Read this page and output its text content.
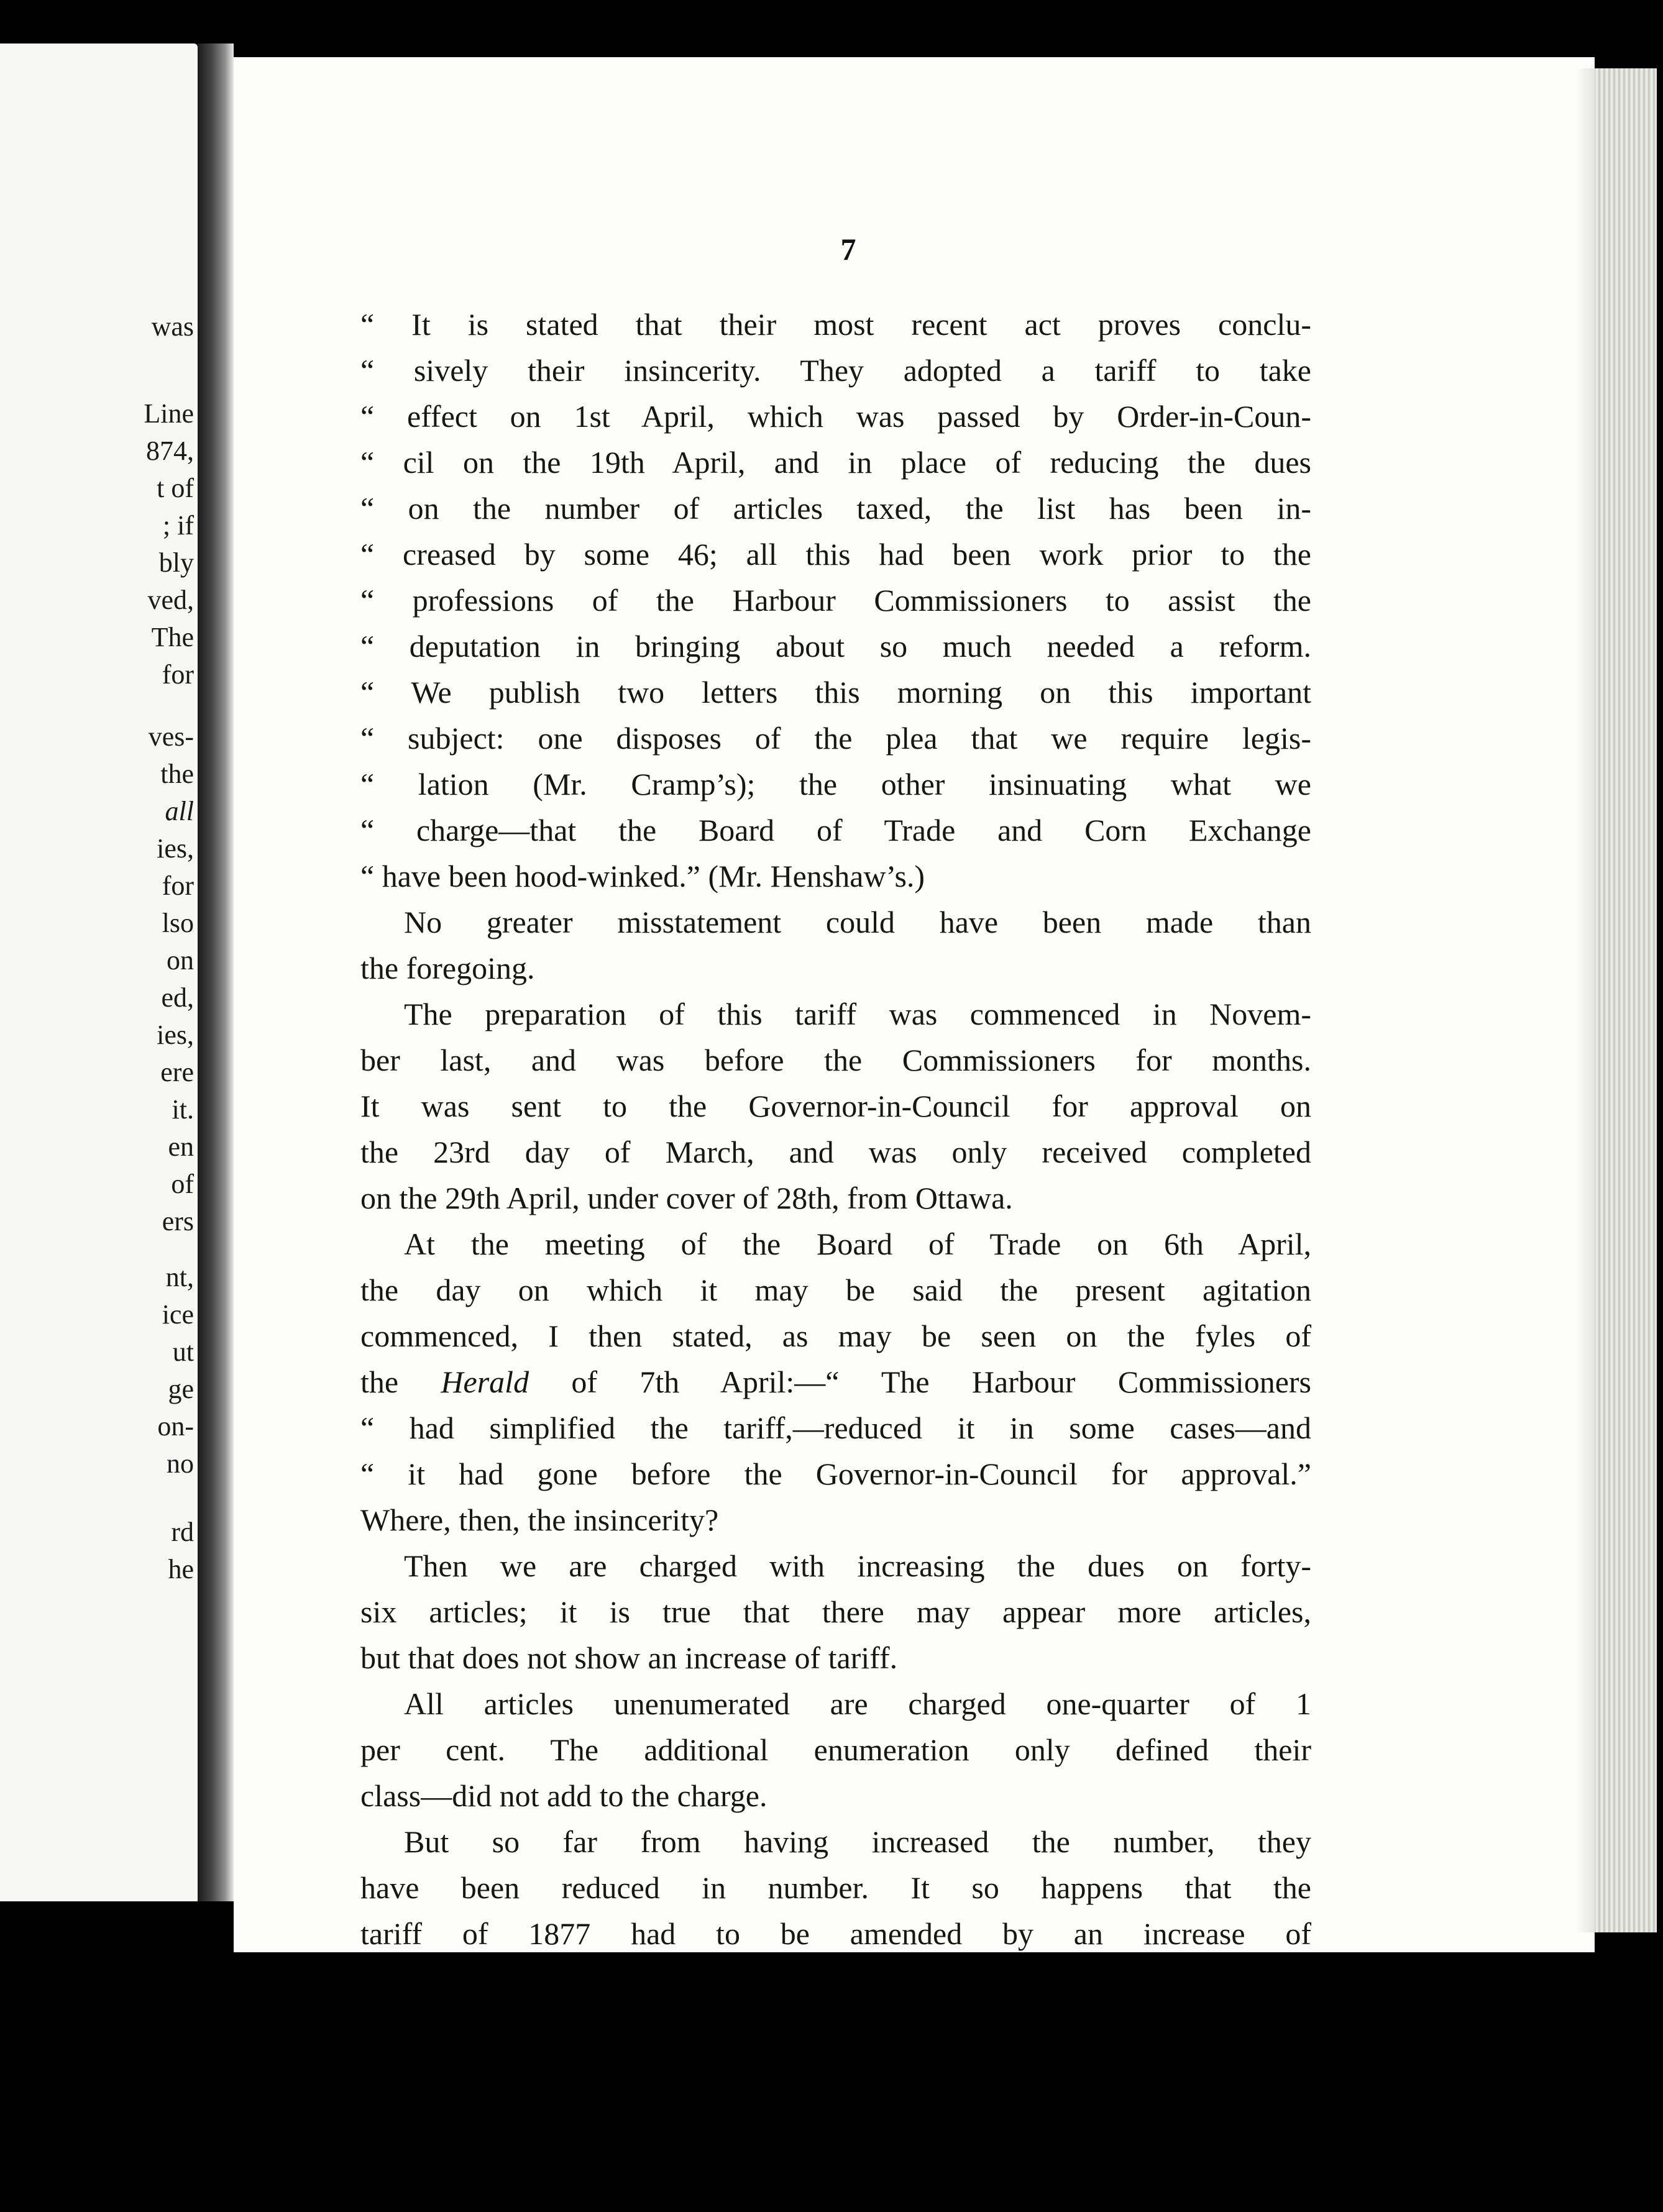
was
Line
874,
t of
; if
bly
ved,
The
for
ves-
the
all
ies,
for
lso
on
ed,
ies,
ere
it.
en
of
ers
nt,
ice
ut
ge
on-
no
rd
he
7
“ It is stated that their most recent act proves conclu-
“ sively their insincerity. They adopted a tariff to take
“ effect on 1st April, which was passed by Order-in-Coun-
“ cil on the 19th April, and in place of reducing the dues
“ on the number of articles taxed, the list has been in-
“ creased by some 46; all this had been work prior to the
“ professions of the Harbour Commissioners to assist the
“ deputation in bringing about so much needed a reform.
“ We publish two letters this morning on this important
“ subject: one disposes of the plea that we require legis-
“ lation (Mr. Cramp’s); the other insinuating what we
“ charge—that the Board of Trade and Corn Exchange
“ have been hood-winked.” (Mr. Henshaw’s.)
No greater misstatement could have been made than
the foregoing.
The preparation of this tariff was commenced in Novem-
ber last, and was before the Commissioners for months.
It was sent to the Governor-in-Council for approval on
the 23rd day of March, and was only received completed
on the 29th April, under cover of 28th, from Ottawa.
At the meeting of the Board of Trade on 6th April,
the day on which it may be said the present agitation
commenced, I then stated, as may be seen on the fyles of
the Herald of 7th April:—“ The Harbour Commissioners
“ had simplified the tariff,—reduced it in some cases—and
“ it had gone before the Governor-in-Council for approval.”
Where, then, the insincerity?
Then we are charged with increasing the dues on forty-
six articles; it is true that there may appear more articles,
but that does not show an increase of tariff.
All articles unenumerated are charged one-quarter of 1
per cent. The additional enumeration only defined their
class—did not add to the charge.
But so far from having increased the number, they
have been reduced in number. It so happens that the
tariff of 1877 had to be amended by an increase of
